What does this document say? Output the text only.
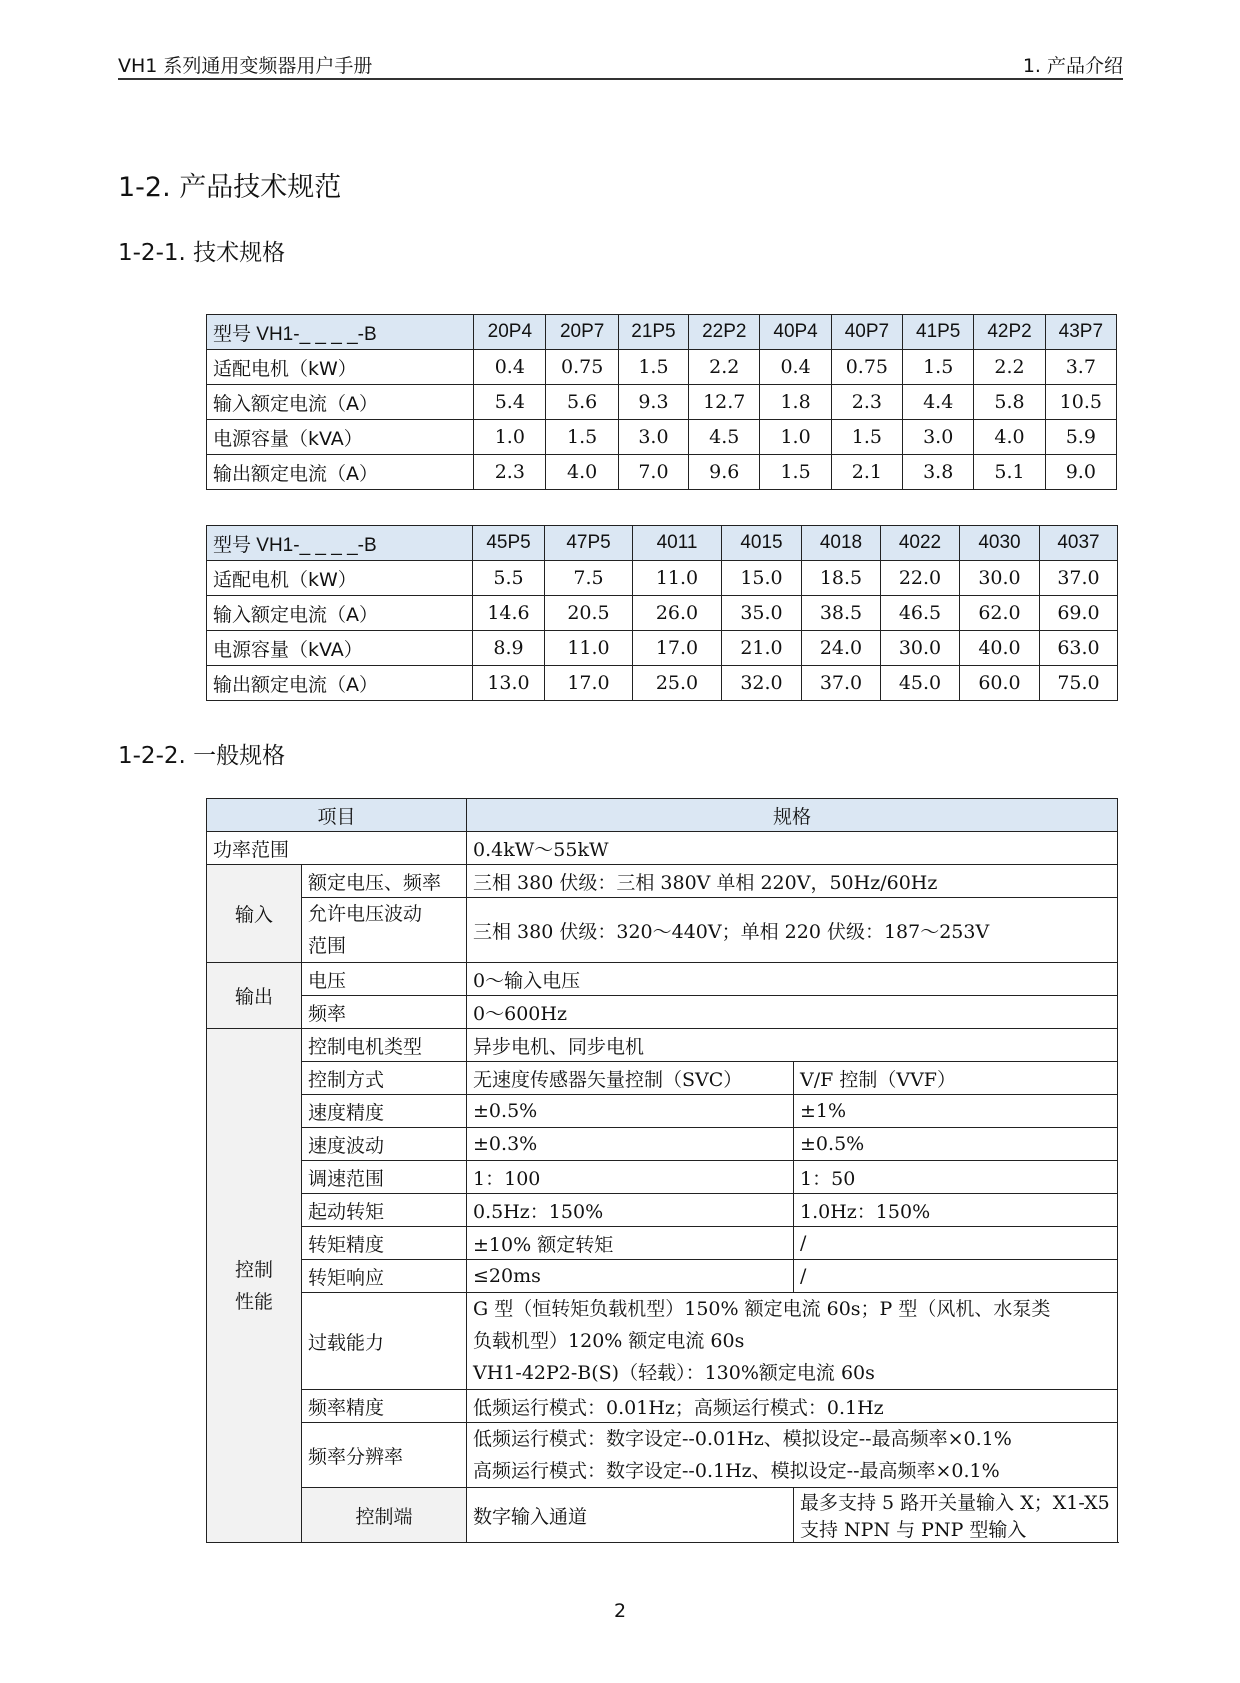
VH1 系列通用变频器用户手册	1. 产品介绍
1-2. 产品技术规范
1-2-1. 技术规格
型号 VH1-_ _ _ _-B	20P4	20P7	21P5	22P2	40P4	40P7	41P5	42P2	43P7
适配电机（kW）	0.4	0.75	1.5	2.2	0.4	0.75	1.5	2.2	3.7
输入额定电流（A）	5.4	5.6	9.3	12.7	1.8	2.3	4.4	5.8	10.5
电源容量（kVA）	1.0	1.5	3.0	4.5	1.0	1.5	3.0	4.0	5.9
输出额定电流（A）	2.3	4.0	7.0	9.6	1.5	2.1	3.8	5.1	9.0
型号 VH1-_ _ _ _-B	45P5	47P5	4011	4015	4018	4022	4030	4037
适配电机（kW）	5.5	7.5	11.0	15.0	18.5	22.0	30.0	37.0
输入额定电流（A）	14.6	20.5	26.0	35.0	38.5	46.5	62.0	69.0
电源容量（kVA）	8.9	11.0	17.0	21.0	24.0	30.0	40.0	63.0
输出额定电流（A）	13.0	17.0	25.0	32.0	37.0	45.0	60.0	75.0
1-2-2. 一般规格
项目		规格	
功率范围		0.4kW～55kW	
输入	额定电压、频率	三相 380 伏级：三相 380V 单相 220V，50Hz/60Hz	

	允许电压波动
范围	三相 380 伏级：320～440V；单相 220 伏级：187～253V	
输出	电压	0～输入电压	
	频率	0～600Hz	

控制
性能	控制电机类型	异步电机、同步电机	
	控制方式	无速度传感器矢量控制（SVC）	V/F 控制（VVF）
	速度精度	±0.5%	±1%
	速度波动	±0.3%	±0.5%
	调速范围	1：100	1：50
	起动转矩	0.5Hz：150%	1.0Hz：150%
	转矩精度	±10% 额定转矩	/
	转矩响应	≤20ms	/
	过载能力	G 型（恒转矩负载机型）150% 额定电流 60s；P 型（风机、水泵类
负载机型）120% 额定电流 60s
VH1-42P2-B(S)（轻载）：130%额定电流 60s	

	频率精度	低频运行模式：0.01Hz；高频运行模式：0.1Hz	
	频率分辨率	低频运行模式：数字设定--0.01Hz、模拟设定--最高频率×0.1%
高频运行模式：数字设定--0.1Hz、模拟设定--最高频率×0.1%	

	控制端	数字输入通道	最多支持 5 路开关量输入 X；X1-X5 支持 NPN 与 PNP 型输入
2
